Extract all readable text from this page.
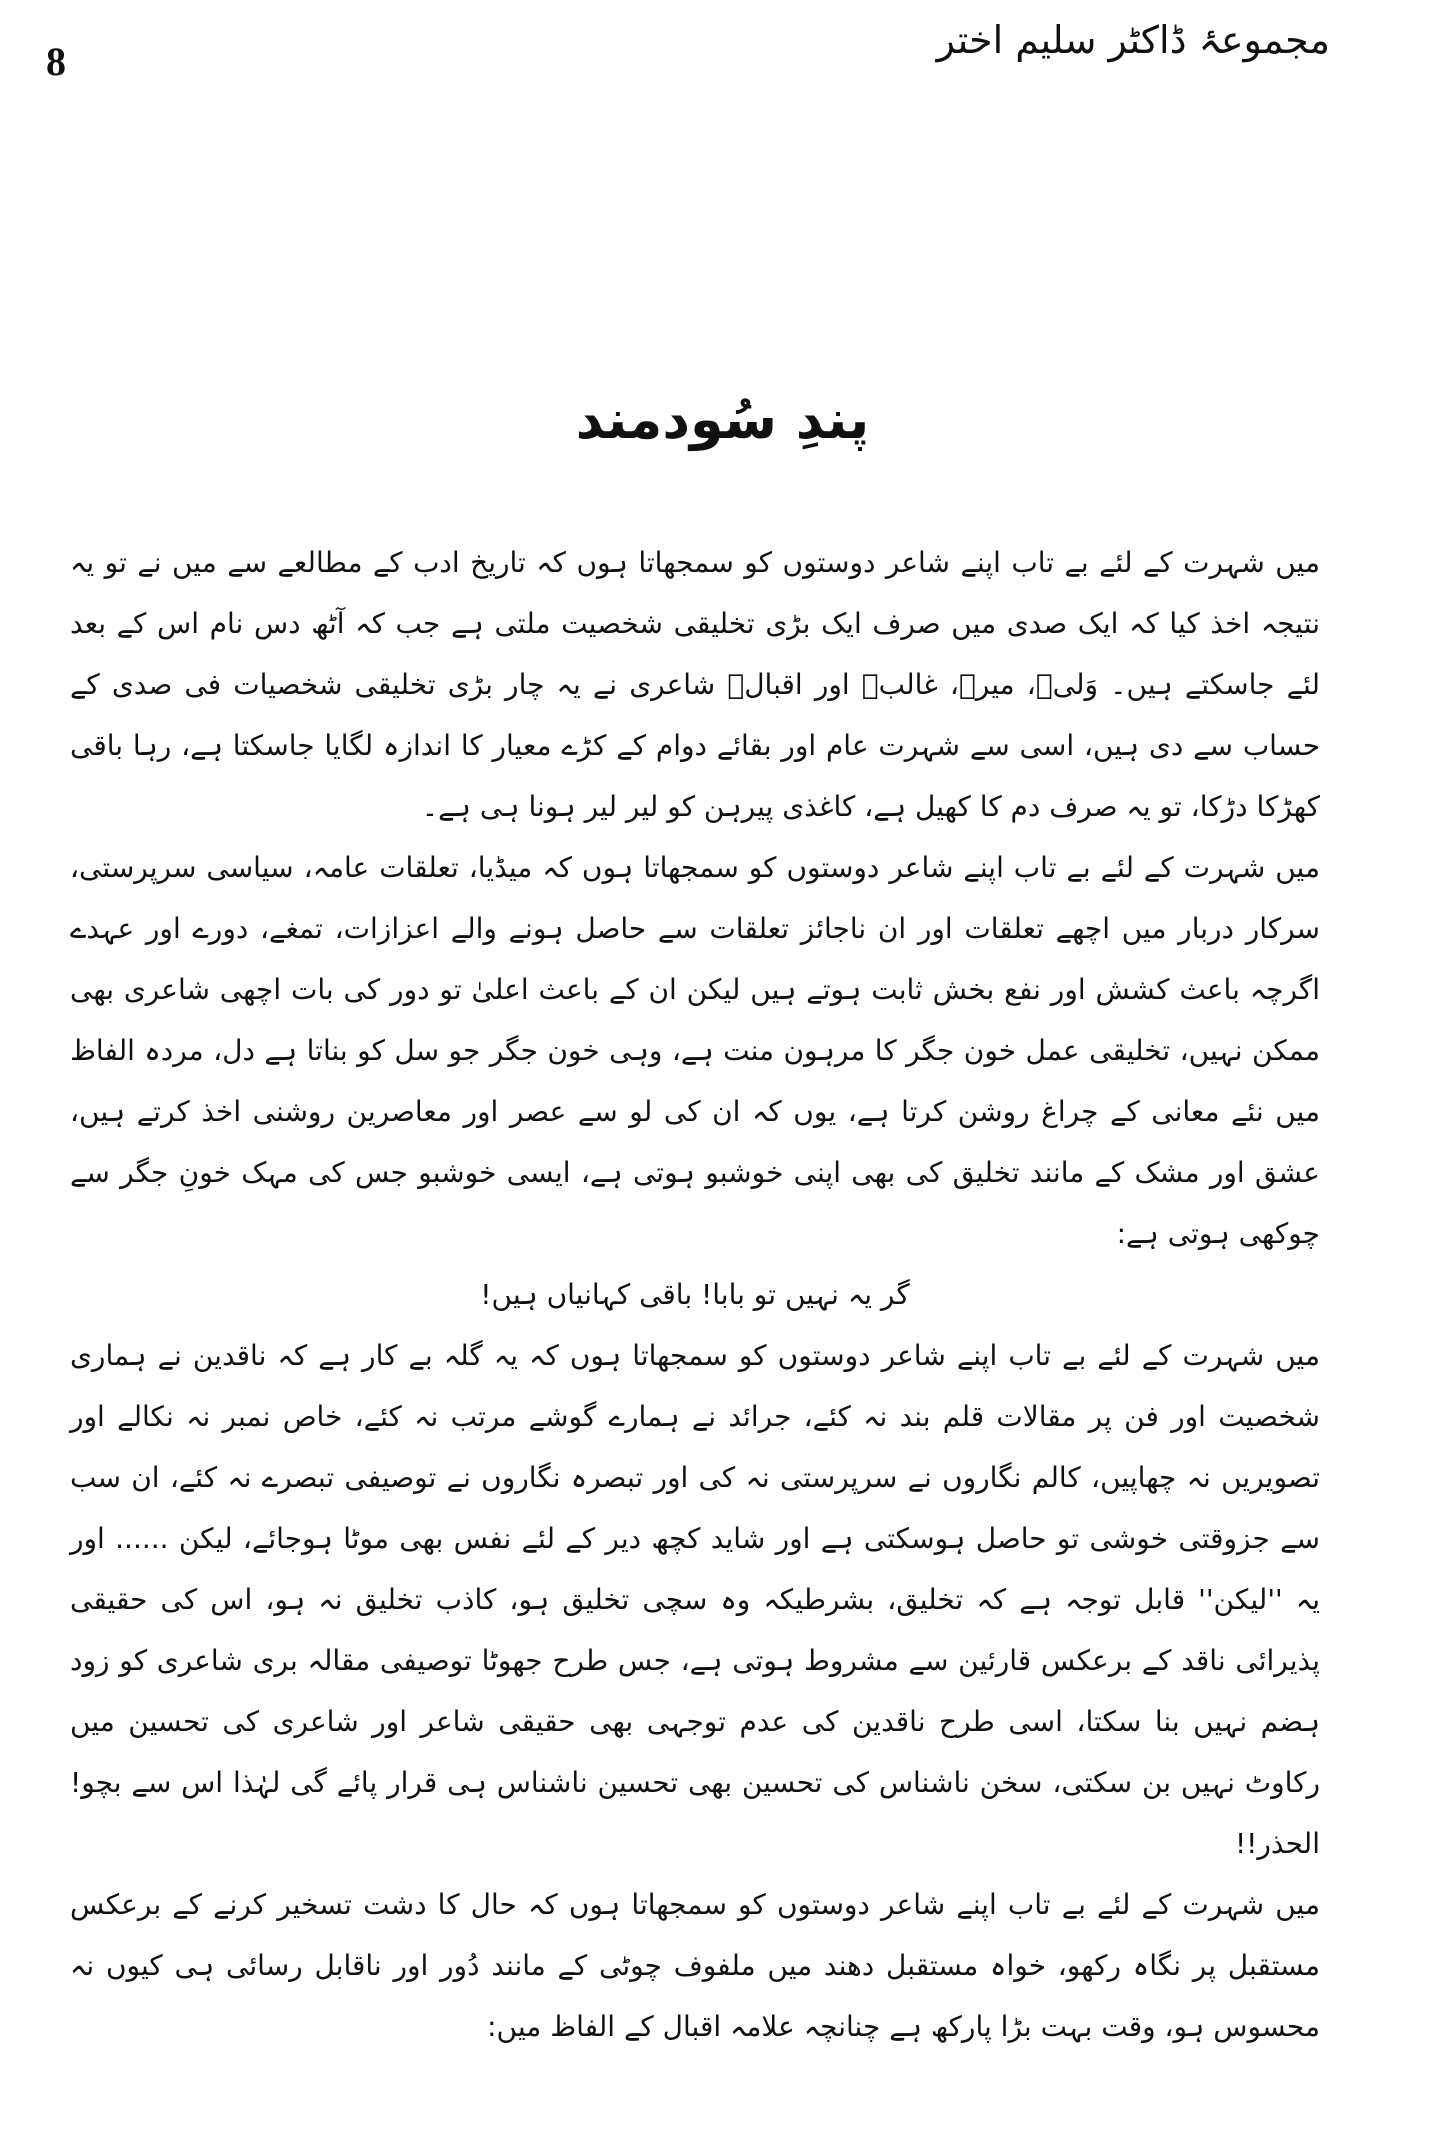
8	مجموعۂ ڈاکٹر سلیم اختر
پندِ سُودمند

میں شہرت کے لئے بے تاب اپنے شاعر دوستوں کو سمجھاتا ہوں کہ تاریخ ادب کے مطالعے سے میں نے تو یہ نتیجہ اخذ کیا کہ ایک صدی میں صرف ایک بڑی تخلیقی شخصیت ملتی ہے جب کہ آٹھ دس نام اس کے بعد لئے جاسکتے ہیں۔ وَلیؔ، میرؔ، غالبؔ اور اقبالؔ شاعری نے یہ چار بڑی تخلیقی شخصیات فی صدی کے حساب سے دی ہیں، اسی سے شہرت عام اور بقائے دوام کے کڑے معیار کا اندازہ لگایا جاسکتا ہے، رہا باقی کھڑکا دڑکا، تو یہ صرف دم کا کھیل ہے، کاغذی پیرہن کو لیر لیر ہونا ہی ہے۔

میں شہرت کے لئے بے تاب اپنے شاعر دوستوں کو سمجھاتا ہوں کہ میڈیا، تعلقات عامہ، سیاسی سرپرستی، سرکار دربار میں اچھے تعلقات اور ان ناجائز تعلقات سے حاصل ہونے والے اعزازات، تمغے، دورے اور عہدے اگرچہ باعث کشش اور نفع بخش ثابت ہوتے ہیں لیکن ان کے باعث اعلیٰ تو دور کی بات اچھی شاعری بھی ممکن نہیں، تخلیقی عمل خون جگر کا مرہون منت ہے، وہی خون جگر جو سل کو بناتا ہے دل، مردہ الفاظ میں نئے معانی کے چراغ روشن کرتا ہے، یوں کہ ان کی لو سے عصر اور معاصرین روشنی اخذ کرتے ہیں، عشق اور مشک کے مانند تخلیق کی بھی اپنی خوشبو ہوتی ہے، ایسی خوشبو جس کی مہک خونِ جگر سے چوکھی ہوتی ہے:

گر یہ نہیں تو بابا! باقی کہانیاں ہیں!

میں شہرت کے لئے بے تاب اپنے شاعر دوستوں کو سمجھاتا ہوں کہ یہ گلہ بے کار ہے کہ ناقدین نے ہماری شخصیت اور فن پر مقالات قلم بند نہ کئے، جرائد نے ہمارے گوشے مرتب نہ کئے، خاص نمبر نہ نکالے اور تصویریں نہ چھاپیں، کالم نگاروں نے سرپرستی نہ کی اور تبصرہ نگاروں نے توصیفی تبصرے نہ کئے، ان سب سے جزوقتی خوشی تو حاصل ہوسکتی ہے اور شاید کچھ دیر کے لئے نفس بھی موٹا ہوجائے، لیکن ...... اور یہ ''لیکن'' قابل توجہ ہے کہ تخلیق، بشرطیکہ وہ سچی تخلیق ہو، کاذب تخلیق نہ ہو، اس کی حقیقی پذیرائی ناقد کے برعکس قارئین سے مشروط ہوتی ہے، جس طرح جھوٹا توصیفی مقالہ بری شاعری کو زود ہضم نہیں بنا سکتا، اسی طرح ناقدین کی عدم توجہی بھی حقیقی شاعر اور شاعری کی تحسین میں رکاوٹ نہیں بن سکتی، سخن ناشناس کی تحسین بھی تحسین ناشناس ہی قرار پائے گی لہٰذا اس سے بچو! الحذر!!

میں شہرت کے لئے بے تاب اپنے شاعر دوستوں کو سمجھاتا ہوں کہ حال کا دشت تسخیر کرنے کے برعکس مستقبل پر نگاہ رکھو، خواہ مستقبل دھند میں ملفوف چوٹی کے مانند دُور اور ناقابل رسائی ہی کیوں نہ محسوس ہو، وقت بہت بڑا پارکھ ہے چنانچہ علامہ اقبال کے الفاظ میں:
